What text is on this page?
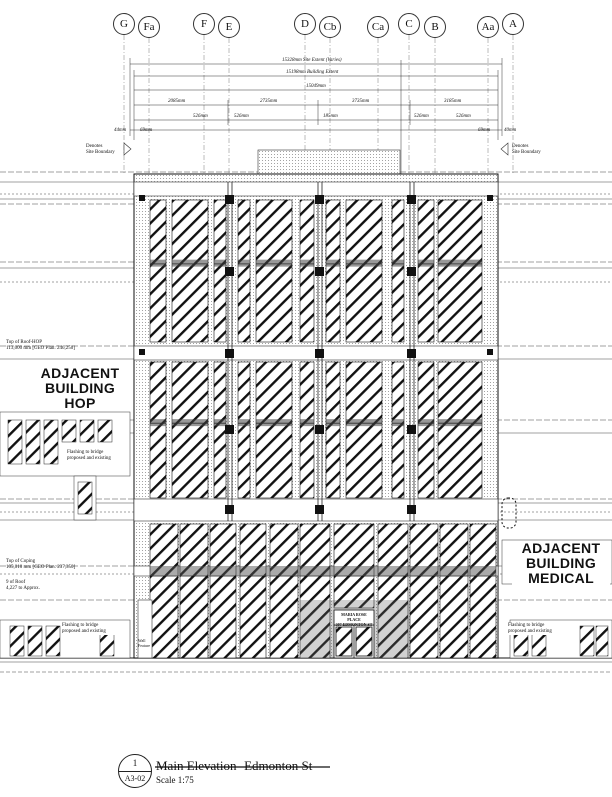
G	Fa	F	E	D	Cb	Ca	C	B	Aa	A
15328mm Site Extent (Varies)
15198mm Building Extent
15049mm
2085mm	2735mm	3735mm	3185mm
526mm	526mm	185mm	526mm	526mm
44mm	69mm	69mm	40mm
Denotes
Site Boundary
Denotes
Site Boundary
Top of Roof-HOP
113,000 mm [GEO Plan: 246,250]
Top of Coping
105,010 mm [GEO Plan: 237,350]
9 of Roof
4,227 to Approx.
Flashing to bridge
proposed and existing
Flashing to bridge
proposed and existing
Flashing to bridge
proposed and existing
MARIA ROSE PLACE
307 EDMONTON ST
Wall
Feature
ADJACENT
BUILDING
HOP
ADJACENT
BUILDING
MEDICAL
1
A3-02
Main Elevation- Edmonton St
Scale 1:75
